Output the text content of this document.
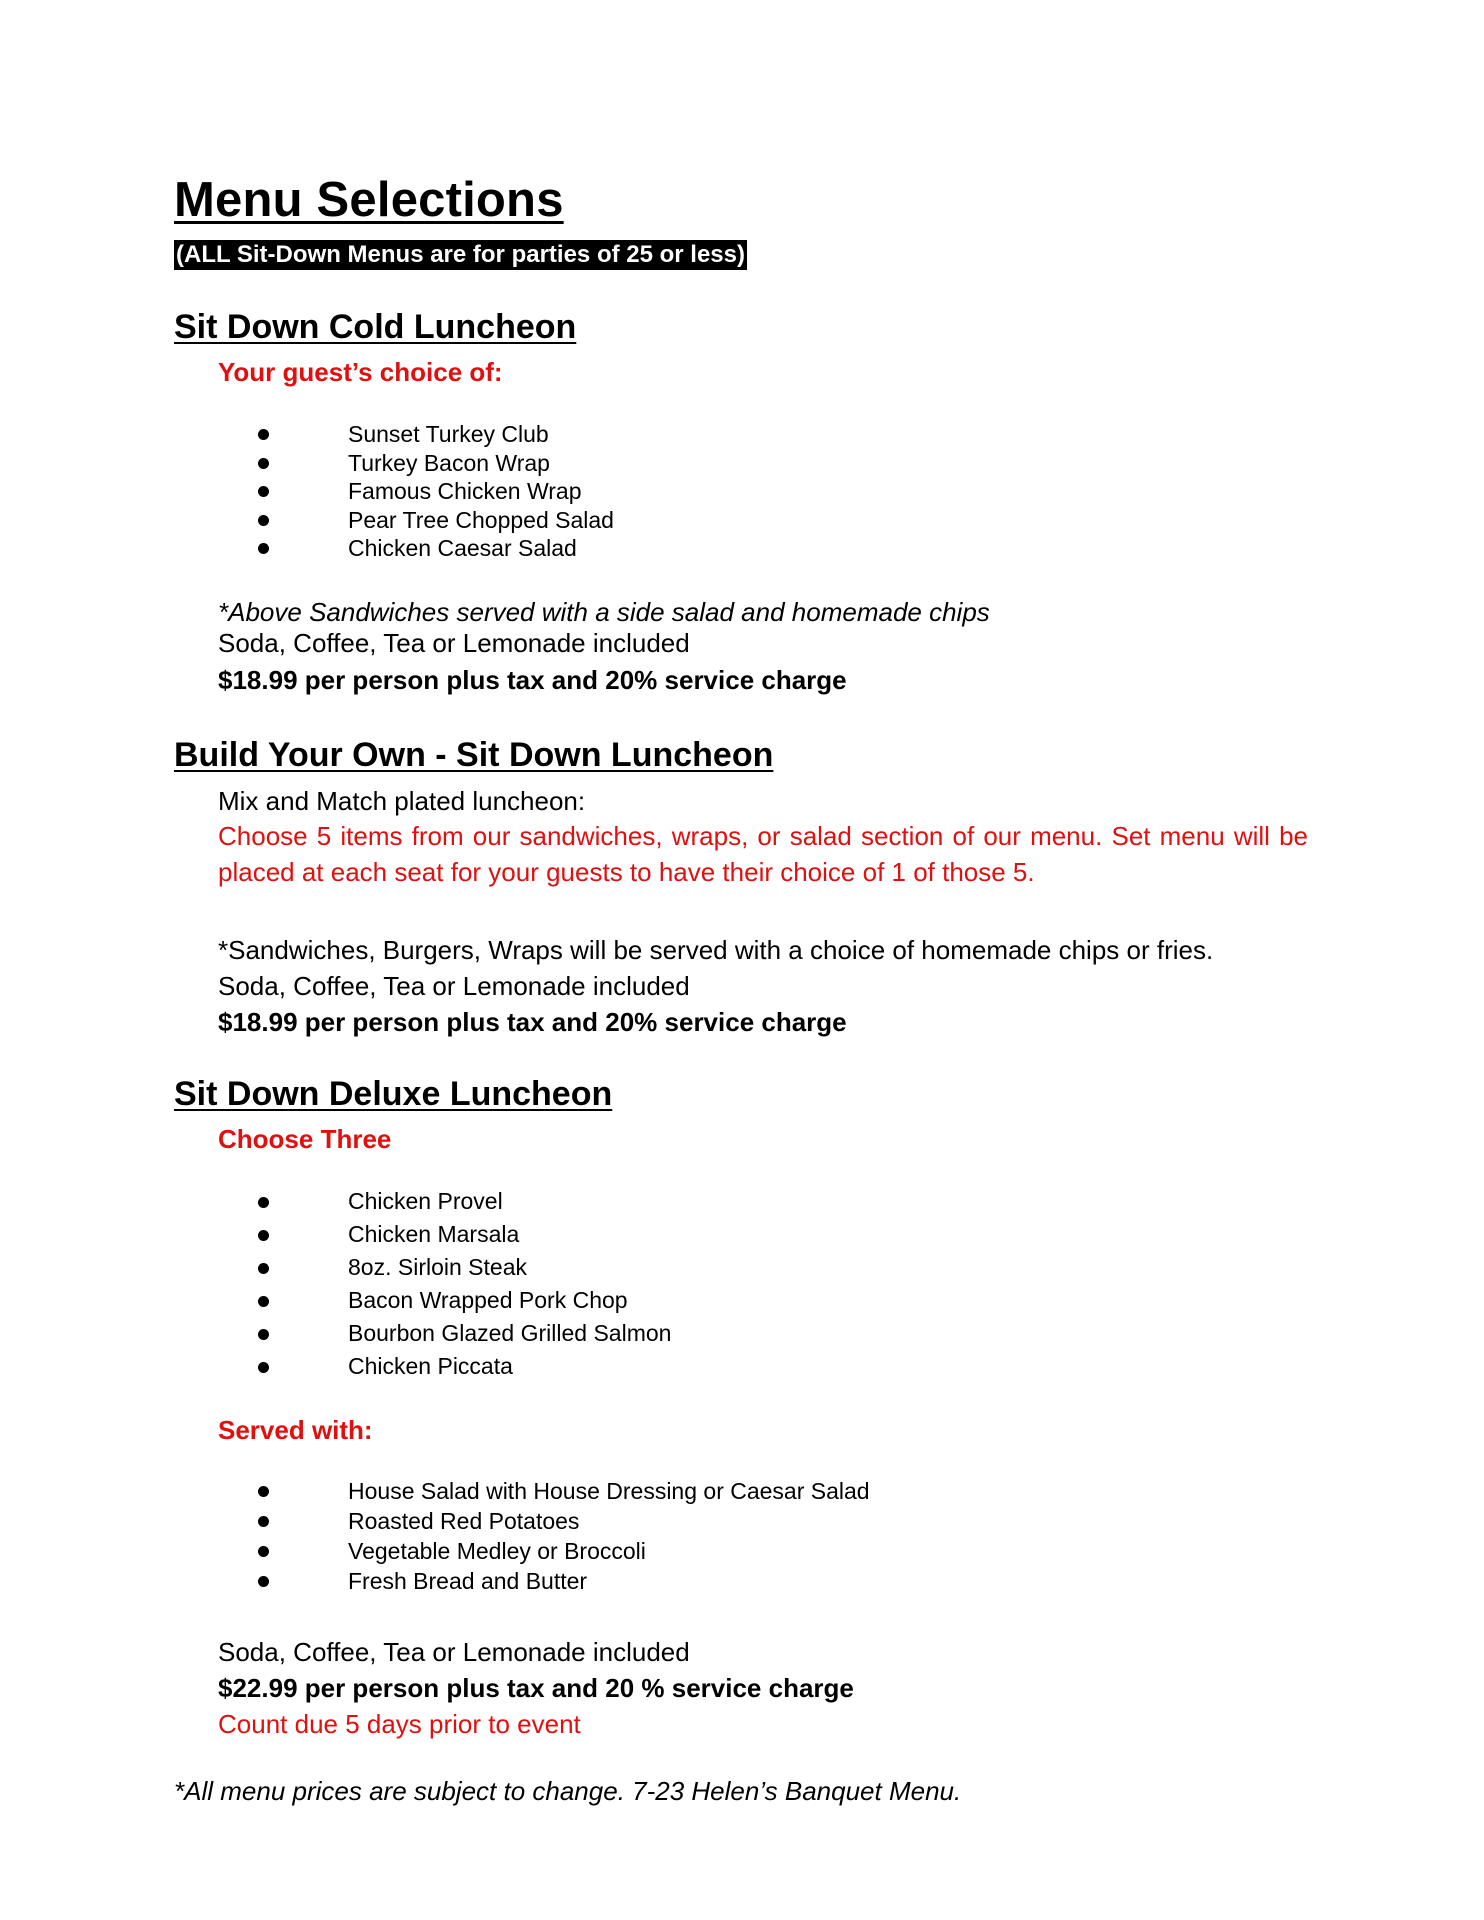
Menu Selections
(ALL Sit-Down Menus are for parties of 25 or less)
Sit Down Cold Luncheon
Your guest’s choice of:
Sunset Turkey Club
Turkey Bacon Wrap
Famous Chicken Wrap
Pear Tree Chopped Salad
Chicken Caesar Salad
*Above Sandwiches served with a side salad and homemade chips
Soda, Coffee, Tea or Lemonade included
$18.99 per person plus tax and 20% service charge
Build Your Own - Sit Down Luncheon
Mix and Match plated luncheon:

Choose 5 items from our sandwiches, wraps, or salad section of our menu. Set menu will be placed at each seat for your guests to have their choice of 1 of those 5.

*Sandwiches, Burgers, Wraps will be served with a choice of homemade chips or fries.
Soda, Coffee, Tea or Lemonade included
$18.99 per person plus tax and 20% service charge
Sit Down Deluxe Luncheon
Choose Three
Chicken Provel
Chicken Marsala
8oz. Sirloin Steak
Bacon Wrapped Pork Chop
Bourbon Glazed Grilled Salmon
Chicken Piccata
Served with:
House Salad with House Dressing or Caesar Salad
Roasted Red Potatoes
Vegetable Medley or Broccoli
Fresh Bread and Butter
Soda, Coffee, Tea or Lemonade included
$22.99 per person plus tax and 20 % service charge
Count due 5 days prior to event
*All menu prices are subject to change. 7-23 Helen’s Banquet Menu.
